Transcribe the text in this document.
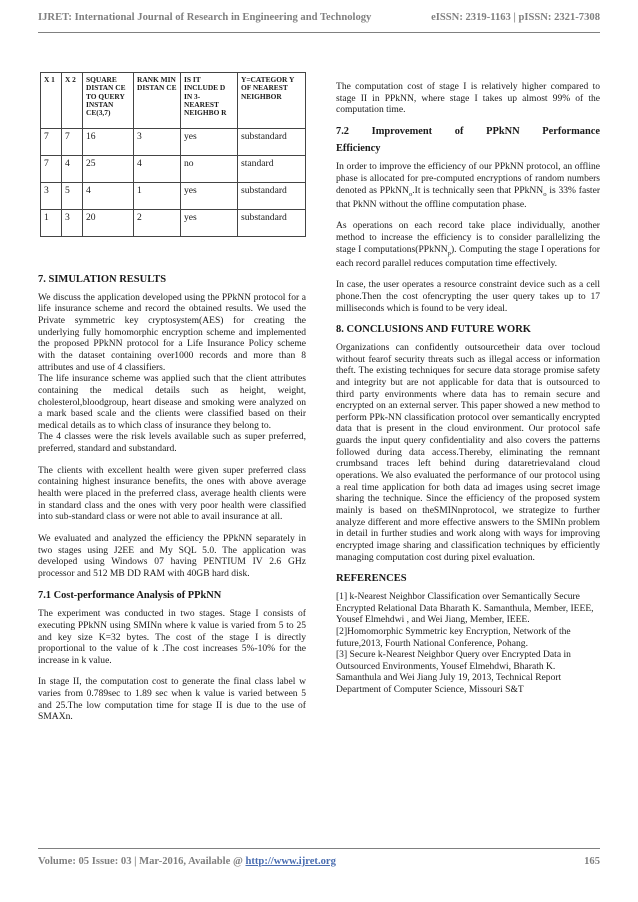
IJRET: International Journal of Research in Engineering and Technology	eISSN: 2319-1163 | pISSN: 2321-7308
X 1	X 2	SQUARE DISTAN CE TO QUERY INSTAN CE(3,7)	RANK MIN DISTAN CE	IS IT INCLUDE D IN 3-NEAREST NEIGHBO R	Y=CATEGOR Y OF NEAREST NEIGHBOR
7	7	16	3	yes	substandard
7	4	25	4	no	standard
3	5	4	1	yes	substandard
1	3	20	2	yes	substandard
7. SIMULATION RESULTS

We discuss the application developed using the PPkNN protocol for a life insurance scheme and record the obtained results. We used the Private symmetric key cryptosystem(AES) for creating the underlying fully homomorphic encryption scheme and implemented the proposed PPkNN protocol for a Life Insurance Policy scheme with the dataset containing over1000 records and more than 8 attributes and use of 4 classifiers.

The life insurance scheme was applied such that the client attributes containing the medical details such as height, weight, cholesterol,bloodgroup, heart disease and smoking were analyzed on a mark based scale and the clients were classified based on their medical details as to which class of insurance they belong to.

The 4 classes were the risk levels available such as super preferred, preferred, standard and substandard.

The clients with excellent health were given super preferred class containing highest insurance benefits, the ones with above average health were placed in the preferred class, average health clients were in standard class and the ones with very poor health were classified into sub-standard class or were not able to avail insurance at all.

We evaluated and analyzed the efficiency the PPkNN separately in two stages using J2EE and My SQL 5.0. The application was developed using Windows 07 having PENTIUM IV 2.6 GHz processor and 512 MB DD RAM with 40GB hard disk.

7.1 Cost-performance Analysis of PPkNN

The experiment was conducted in two stages. Stage I consists of executing PPkNN using SMINn where k value is varied from 5 to 25 and key size K=32 bytes. The cost of the stage I is directly proportional to the value of k .The cost increases 5%-10% for the increase in k value.

In stage II, the computation cost to generate the final class label w varies from 0.789sec to 1.89 sec when k value is varied between 5 and 25.The low computation time for stage II is due to the use of SMAXn.

The computation cost of stage I is relatively higher compared to stage II in PPkNN, where stage I takes up almost 99% of the computation time.

7.2 Improvement of PPkNN Performance
Efficiency

In order to improve the efficiency of our PPkNN protocol, an offline phase is allocated for pre-computed encryptions of random numbers denoted as PPkNN$_o$.It is technically seen that PPkNN$_o$ is 33% faster that PkNN without the offline computation phase.

As operations on each record take place individually, another method to increase the efficiency is to consider parallelizing the stage I computations(PPkNN$_p$). Computing the stage I operations for each record parallel reduces computation time effectively.

In case, the user operates a resource constraint device such as a cell phone.Then the cost ofencrypting the user query takes up to 17 milliseconds which is found to be very ideal.

8. CONCLUSIONS AND FUTURE WORK

Organizations can confidently outsourcetheir data over tocloud without fearof security threats such as illegal access or information theft. The existing techniques for secure data storage promise safety and integrity but are not applicable for data that is outsourced to third party environments where data has to remain secure and encrypted on an external server. This paper showed a new method to perform PPk-NN classification protocol over semantically encrypted data that is present in the cloud environment. Our protocol safe guards the input query confidentiality and also covers the patterns followed during data access.Thereby, eliminating the remnant crumbsand traces left behind during dataretrievaland cloud operations. We also evaluated the performance of our protocol using a real time application for both data ad images using secret image sharing the technique. Since the efficiency of the proposed system mainly is based on theSMINnprotocol, we strategize to further analyze different and more effective answers to the SMINn problem in detail in further studies and work along with ways for improving encrypted image sharing and classification techniques by efficiently managing computation cost during pixel evaluation.

REFERENCES

[1] k-Nearest Neighbor Classification over Semantically Secure Encrypted Relational Data Bharath K. Samanthula, Member, IEEE, Yousef Elmehdwi , and Wei Jiang, Member, IEEE.

[2]Homomorphic Symmetric key Encryption, Network of the future,2013, Fourth National Conference, Pohang.

[3] Secure k-Nearest Neighbor Query over Encrypted Data in Outsourced Environments, Yousef Elmehdwi, Bharath K. Samanthula and Wei Jiang July 19, 2013, Technical Report Department of Computer Science, Missouri S&T

Volume: 05 Issue: 03 | Mar-2016, Available @ http://www.ijret.org	165
